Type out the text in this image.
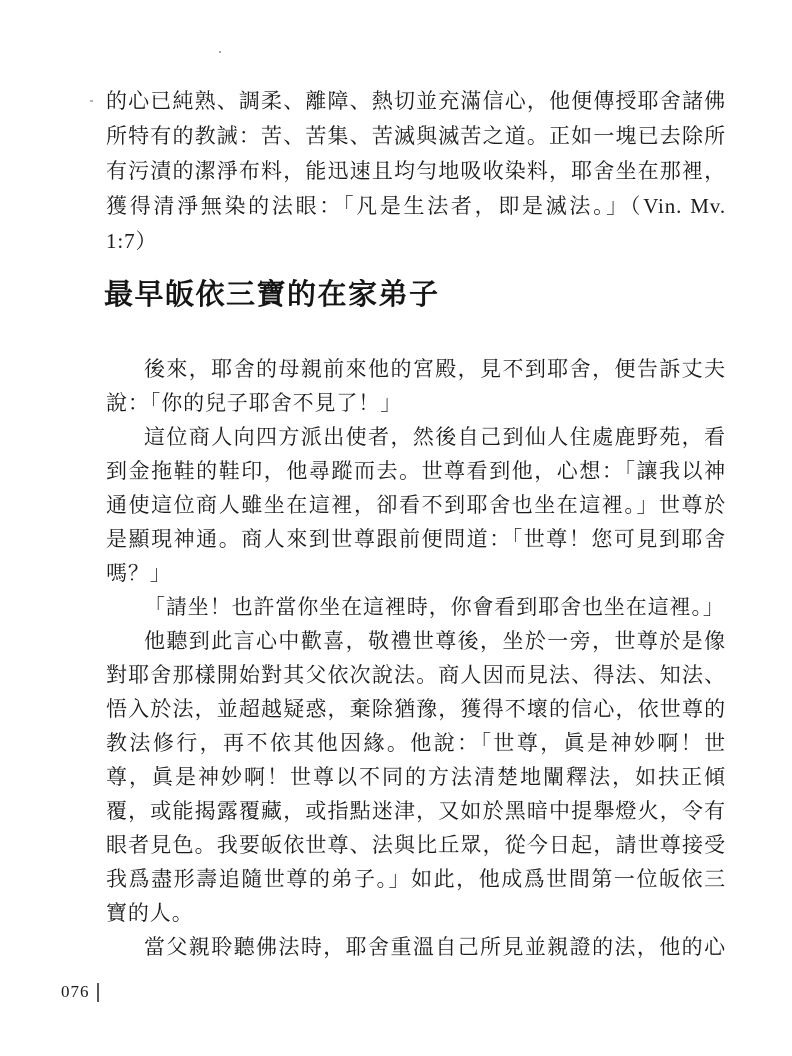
的心已純熟、調柔、離障、熱切並充滿信心，他便傳授耶舍諸佛
所特有的教誡：苦、苦集、苦滅與滅苦之道。正如一塊已去除所
有污漬的潔淨布料，能迅速且均勻地吸收染料，耶舍坐在那裡，
獲得清淨無染的法眼：「凡是生法者，即是滅法。」（Vin. Mv.
1:7）
最早皈依三寶的在家弟子
後來，耶舍的母親前來他的宮殿，見不到耶舍，便告訴丈夫
說：「你的兒子耶舍不見了！」
這位商人向四方派出使者，然後自己到仙人住處鹿野苑，看
到金拖鞋的鞋印，他尋蹤而去。世尊看到他，心想：「讓我以神
通使這位商人雖坐在這裡，卻看不到耶舍也坐在這裡。」世尊於
是顯現神通。商人來到世尊跟前便問道：「世尊！您可見到耶舍
嗎？」
「請坐！也許當你坐在這裡時，你會看到耶舍也坐在這裡。」
他聽到此言心中歡喜，敬禮世尊後，坐於一旁，世尊於是像
對耶舍那樣開始對其父依次說法。商人因而見法、得法、知法、
悟入於法，並超越疑惑，棄除猶豫，獲得不壞的信心，依世尊的
教法修行，再不依其他因緣。他說：「世尊，眞是神妙啊！世
尊，眞是神妙啊！世尊以不同的方法清楚地闡釋法，如扶正傾
覆，或能揭露覆藏，或指點迷津，又如於黑暗中提舉燈火，令有
眼者見色。我要皈依世尊、法與比丘眾，從今日起，請世尊接受
我爲盡形壽追隨世尊的弟子。」如此，他成爲世間第一位皈依三
寶的人。
當父親聆聽佛法時，耶舍重溫自己所見並親證的法，他的心
076
